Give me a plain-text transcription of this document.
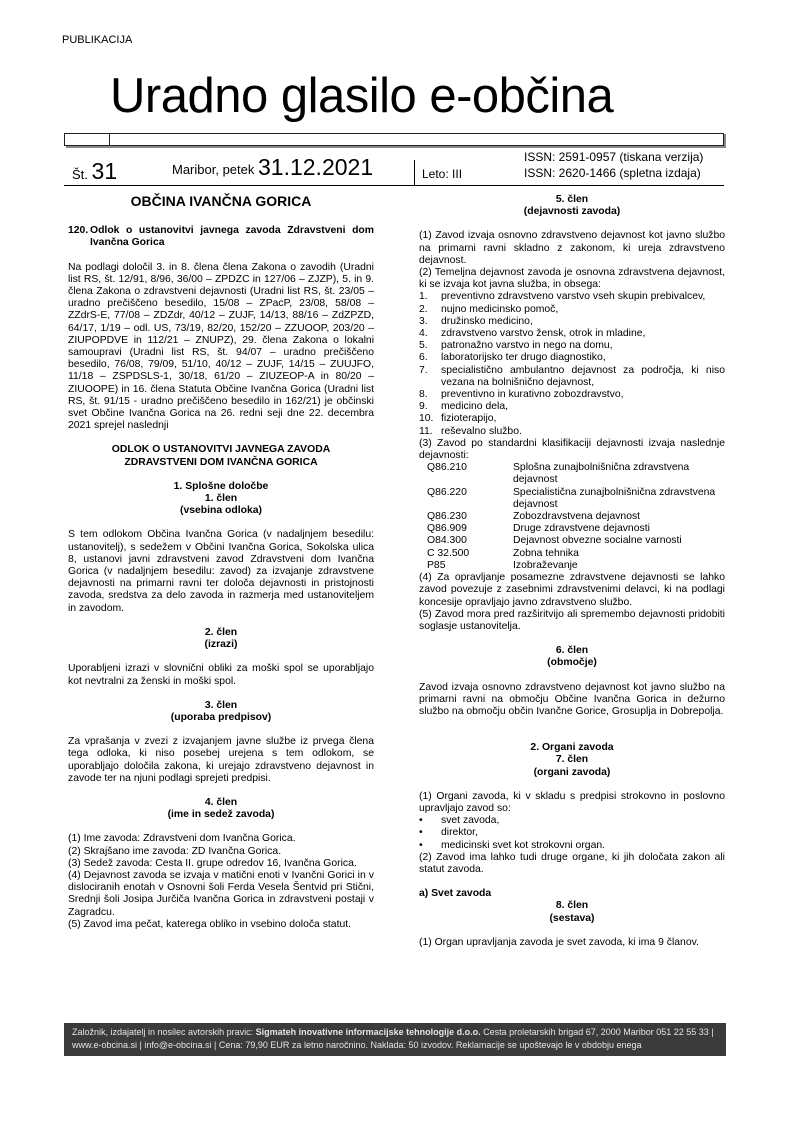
PUBLIKACIJA
Uradno glasilo e-občina
Št. 31	Maribor, petek 31.12.2021	Leto: III
ISSN: 2591-0957 (tiskana verzija)
ISSN: 2620-1466 (spletna izdaja)
OBČINA IVANČNA GORICA
120. Odlok o ustanovitvi javnega zavoda Zdravstveni dom Ivančna Gorica

Na podlagi določil 3. in 8. člena člena Zakona o zavodih (Uradni list RS, št. 12/91, 8/96, 36/00 – ZPDZC in 127/06 – ZJZP), 5. in 9. člena Zakona o zdravstveni dejavnosti (Uradni list RS, št. 23/05 – uradno prečiščeno besedilo, 15/08 – ZPacP, 23/08, 58/08 – ZZdrS-E, 77/08 – ZDZdr, 40/12 – ZUJF, 14/13, 88/16 – ZdZPZD, 64/17, 1/19 – odl. US, 73/19, 82/20, 152/20 – ZZUOOP, 203/20 – ZIUPOPDVE in 112/21 – ZNUPZ), 29. člena Zakona o lokalni samoupravi (Uradni list RS, št. 94/07 – uradno prečiščeno besedilo, 76/08, 79/09, 51/10, 40/12 – ZUJF, 14/15 – ZUUJFO, 11/18 – ZSPDSLS-1, 30/18, 61/20 – ZIUZEOP-A in 80/20 – ZIUOOPE) in 16. člena Statuta Občine Ivančna Gorica (Uradni list RS, št. 91/15 - uradno prečiščeno besedilo in 162/21) je občinski svet Občine Ivančna Gorica na 26. redni seji dne 22. decembra 2021 sprejel naslednji

ODLOK O USTANOVITVI JAVNEGA ZAVODA

ZDRAVSTVENI DOM IVANČNA GORICA

1. Splošne določbe

1. člen

(vsebina odloka)

S tem odlokom Občina Ivančna Gorica (v nadaljnjem besedilu: ustanovitelj), s sedežem v Občini Ivančna Gorica, Sokolska ulica 8, ustanovi javni zdravstveni zavod Zdravstveni dom Ivančna Gorica (v nadaljnjem besedilu: zavod) za izvajanje zdravstvene dejavnosti na primarni ravni ter določa dejavnosti in pristojnosti zavoda, sredstva za delo zavoda in razmerja med ustanoviteljem in zavodom.

2. člen

(izrazi)

Uporabljeni izrazi v slovnični obliki za moški spol se uporabljajo kot nevtralni za ženski in moški spol.

3. člen

(uporaba predpisov)

Za vprašanja v zvezi z izvajanjem javne službe iz prvega člena tega odloka, ki niso posebej urejena s tem odlokom, se uporabljajo določila zakona, ki urejajo zdravstveno dejavnost in zavode ter na njuni podlagi sprejeti predpisi.

4. člen

(ime in sedež zavoda)

(1) Ime zavoda: Zdravstveni dom Ivančna Gorica.

(2) Skrajšano ime zavoda: ZD Ivančna Gorica.

(3) Sedež zavoda: Cesta II. grupe odredov 16, Ivančna Gorica.

(4) Dejavnost zavoda se izvaja v matični enoti v Ivančni Gorici in v dislociranih enotah v Osnovni šoli Ferda Vesela Šentvid pri Stični, Srednji šoli Josipa Jurčiča Ivančna Gorica in zdravstveni postaji v Zagradcu.

(5) Zavod ima pečat, katerega obliko in vsebino določa statut.

5. člen

(dejavnosti zavoda)

(1) Zavod izvaja osnovno zdravstveno dejavnost kot javno službo na primarni ravni skladno z zakonom, ki ureja zdravstveno dejavnost.

(2) Temeljna dejavnost zavoda je osnovna zdravstvena dejavnost, ki se izvaja kot javna služba, in obsega:

1.	preventivno zdravstveno varstvo vseh skupin prebivalcev,
2.	nujno medicinsko pomoč,
3.	družinsko medicino,
4.	zdravstveno varstvo žensk, otrok in mladine,
5.	patronažno varstvo in nego na domu,
6.	laboratorijsko ter drugo diagnostiko,
7.	specialistično ambulantno dejavnost za področja, ki niso vezana na bolnišnično dejavnost,
8.	preventivno in kurativno zobozdravstvo,
9.	medicino dela,
10. fizioterapijo,
11. reševalno službo.

(3) Zavod po standardni klasifikaciji dejavnosti izvaja naslednje dejavnosti:

Q86.210	Splošna zunajbolnišnična zdravstvena dejavnost
Q86.220	Specialistična zunajbolnišnična zdravstvena dejavnost
Q86.230	Zobozdravstvena dejavnost
Q86.909	Druge zdravstvene dejavnosti
O84.300	Dejavnost obvezne socialne varnosti
C 32.500	Zobna tehnika
P85	Izobraževanje

(4) Za opravljanje posamezne zdravstvene dejavnosti se lahko zavod povezuje z zasebnimi zdravstvenimi delavci, ki na podlagi koncesije opravljajo javno zdravstveno službo.

(5) Zavod mora pred razširitvijo ali spremembo dejavnosti pridobiti soglasje ustanovitelja.

6. člen

(območje)

Zavod izvaja osnovno zdravstveno dejavnost kot javno službo na primarni ravni na območju Občine Ivančna Gorica in dežurno službo na območju občin Ivančne Gorice, Grosuplja in Dobrepolja.

2. Organi zavoda

7. člen

(organi zavoda)

(1) Organi zavoda, ki v skladu s predpisi strokovno in poslovno upravljajo zavod so:

•	svet zavoda,
•	direktor,
•	medicinski svet kot strokovni organ.

(2) Zavod ima lahko tudi druge organe, ki jih določata zakon ali statut zavoda.

a) Svet zavoda

8. člen

(sestava)

(1) Organ upravljanja zavoda je svet zavoda, ki ima 9 članov.

Založnik, izdajatelj in nosilec avtorskih pravic: Sigmateh inovativne informacijske tehnologije d.o.o. Cesta proletarskih brigad 67, 2000 Maribor 051 22 55 33 | www.e-obcina.si | info@e-obcina.si | Cena: 79,90 EUR za letno naročnino. Naklada: 50 izvodov. Reklamacije se upoštevajo le v obdobju enega
